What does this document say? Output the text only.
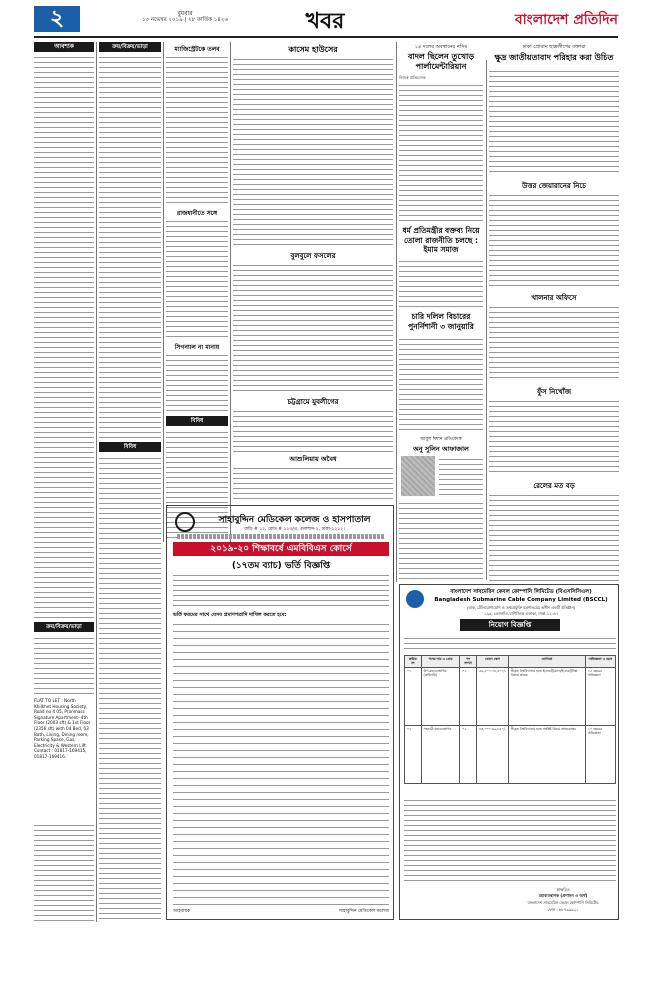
২	বুধবার
১৩ নভেম্বর ২০১৯ | ২৮ কার্তিক ১৪২৬	খবর	বাংলাদেশ প্রতিদিন
আবশ্যক
ক্রয়/বিক্রয়/ভাড়া
FLAT TO LET : North Khilkhet Housing Society, Road no 4 05, Pranmass Signature Apartment- 4th Floor (2003 sft) & 1st Floor (2356 sft) with 04 Bed, 03 Bath, Living, Dining room, Parking Space, Gas, Electricity & Western Lift. Contact : 01817-169415, 01817-169416.
ক্রয়/বিক্রয়/ভাড়া
বিবিধ
ম্যাজিস্ট্রেটকে তলব
রাজধানীতে সঙ্গে
সিগন্যাল না মানায়
বিবিধ
কাসেম হাউসের
বুলবুলে ফসলের
চট্টগ্রামে যুবলীগের
আশুলিয়ায় অবৈধ
১৪ দলের অবস্থানের নসিম
বাদল ছিলেন তুখোড় পার্লামেন্টারিয়ান
নিজস্ব প্রতিবেদক
ধর্ম প্রতিমন্ত্রীর বক্তব্য নিয়ে তোলা রাজনীতি চলছে : ইমাম সমাজ
চারি দলিল বিচারের পুনর্নিশানী ৩ জানুয়ারি
আবুল ঈশান প্রতিবেদক
অনু সুলিন আফাজাল
ঢাকা প্রোবান ছাত্রলীগের বক্তারা
ক্ষুদ্র জাতীয়তাবাদ পরিহার করা উচিত
উত্তর জেয়ারানের নিচে
খালনার অফিসে
ফুঁস নিখোঁজ
রেলের মত বড়
সাহাবুদ্দিন মেডিকেল কলেজ ও হাসপাতাল
বাড়ি # ১২, রোড # ১১৩/এ, গুলশান-২, ঢাকা-১২১২।
২০১৯-২০ শিক্ষাবর্ষে এমবিবিএস কোর্সে
(১৭তম ব্যাচ) ভর্তি বিজ্ঞপ্তি
ভর্তি ফরমের সাথে যেসব প্রমাণপত্রাদি দাখিল করতে হবে:
আহবায়ক	সাহাবুদ্দিন মেডিকেল কলেজ
বাংলাদেশ সাবমেরিন কেবল কোম্পানি লিমিটেড (বিএসসিসিএল)
Bangladesh Submarine Cable Company Limited (BSCCL)
(ডাক, টেলিযোগাযোগ ও তথ্যপ্রযুক্তি মন্ত্রণালয়ের অধীন একটি প্রতিষ্ঠান)
১৯৩, তেজগাঁও-বাণিজ্যিক এলাকা, ঢাকা-১২০৮।
নিয়োগ বিজ্ঞপ্তি
ক্রমিক নং	পদের নাম ও গ্রেড	পদ সংখ্যা	বেতন স্কেল	যোগ্যতা	অভিজ্ঞতা ও বয়স
০১	উপ-মহাব্যবস্থাপক (কারিগরি)	০১	৫৬,৫০০-৭৪,৪০০/-	স্বীকৃত বিশ্ববিদ্যালয় হতে ইলেকট্রিক্যাল/ইলেকট্রনিক্স বিষয়ে স্নাতক	১৫ বছরের অভিজ্ঞতা
০২	সহকারী মহাব্যবস্থাপক	০২	৪৩,০০০-৬৯,৮৫০/-	স্বীকৃত বিশ্ববিদ্যালয় হতে সংশ্লিষ্ট বিষয়ে স্নাতকোত্তর	১০ বছরের অভিজ্ঞতা
স্বাক্ষরিত
মহাব্যবস্থাপক (প্রশাসন ও অর্থ)
বাংলাদেশ সাবমেরিন কেবল কোম্পানি লিমিটেড
ফোন : ৮৮৭৯৯৯২১
